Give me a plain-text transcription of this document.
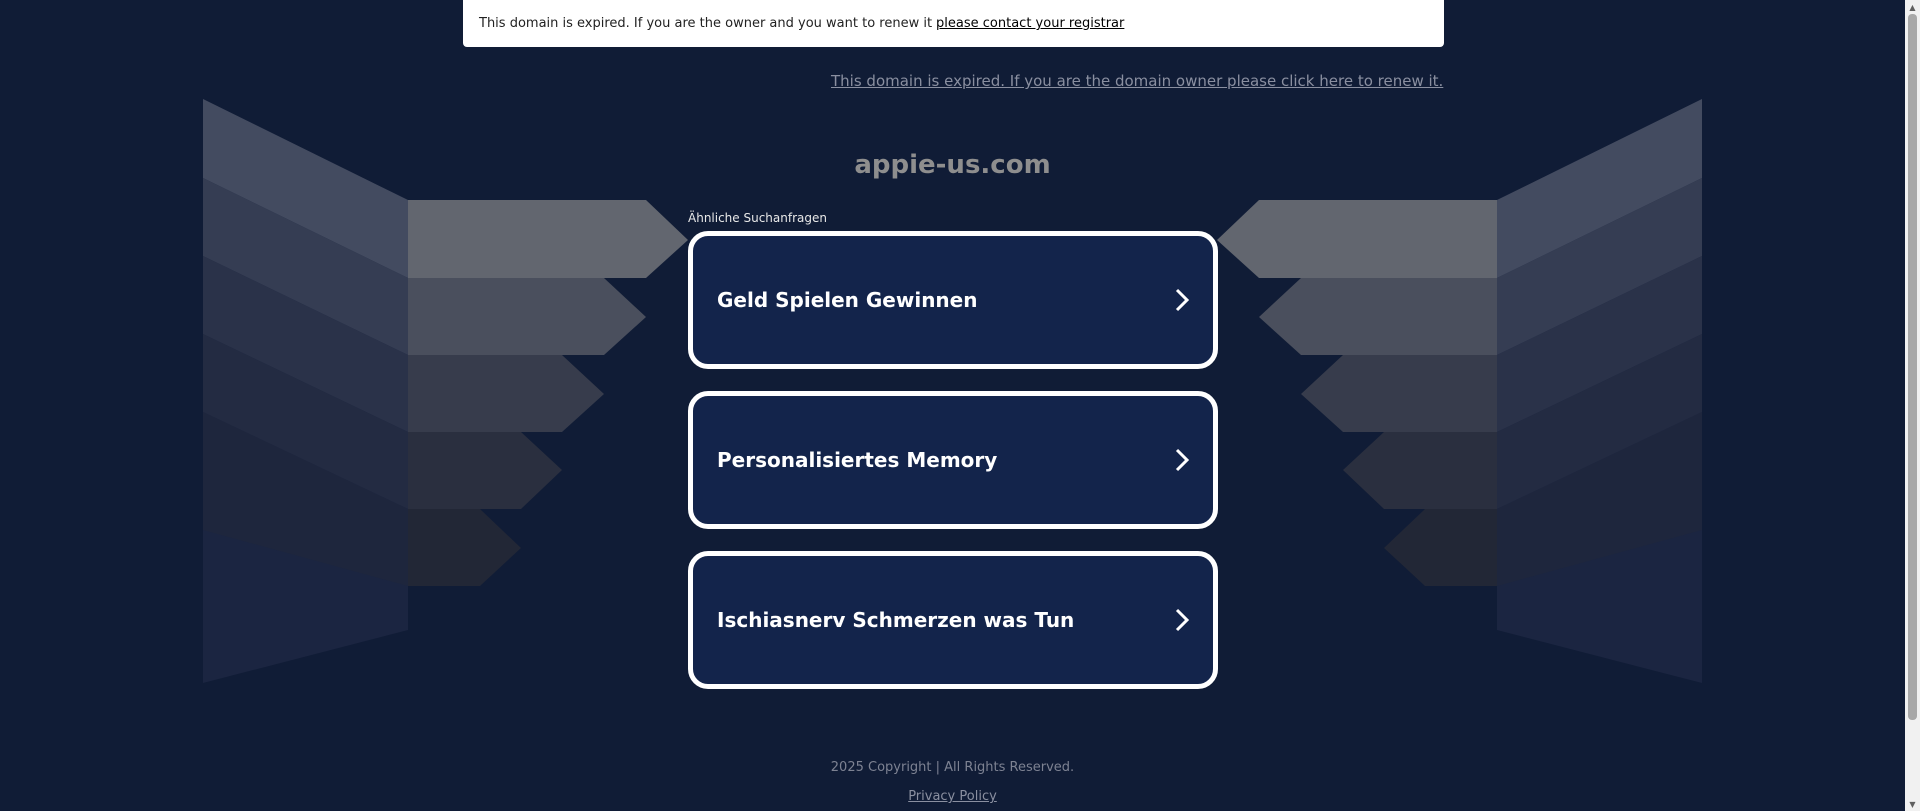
This domain is expired. If you are the owner and you want to renew it please contact your registrar
This domain is expired. If you are the domain owner please click here to renew it.
appie-us.com
Ähnliche Suchanfragen
Geld Spielen Gewinnen
Personalisiertes Memory
Ischiasnerv Schmerzen was Tun
2025 Copyright | All Rights Reserved.
Privacy Policy
▲
▼
